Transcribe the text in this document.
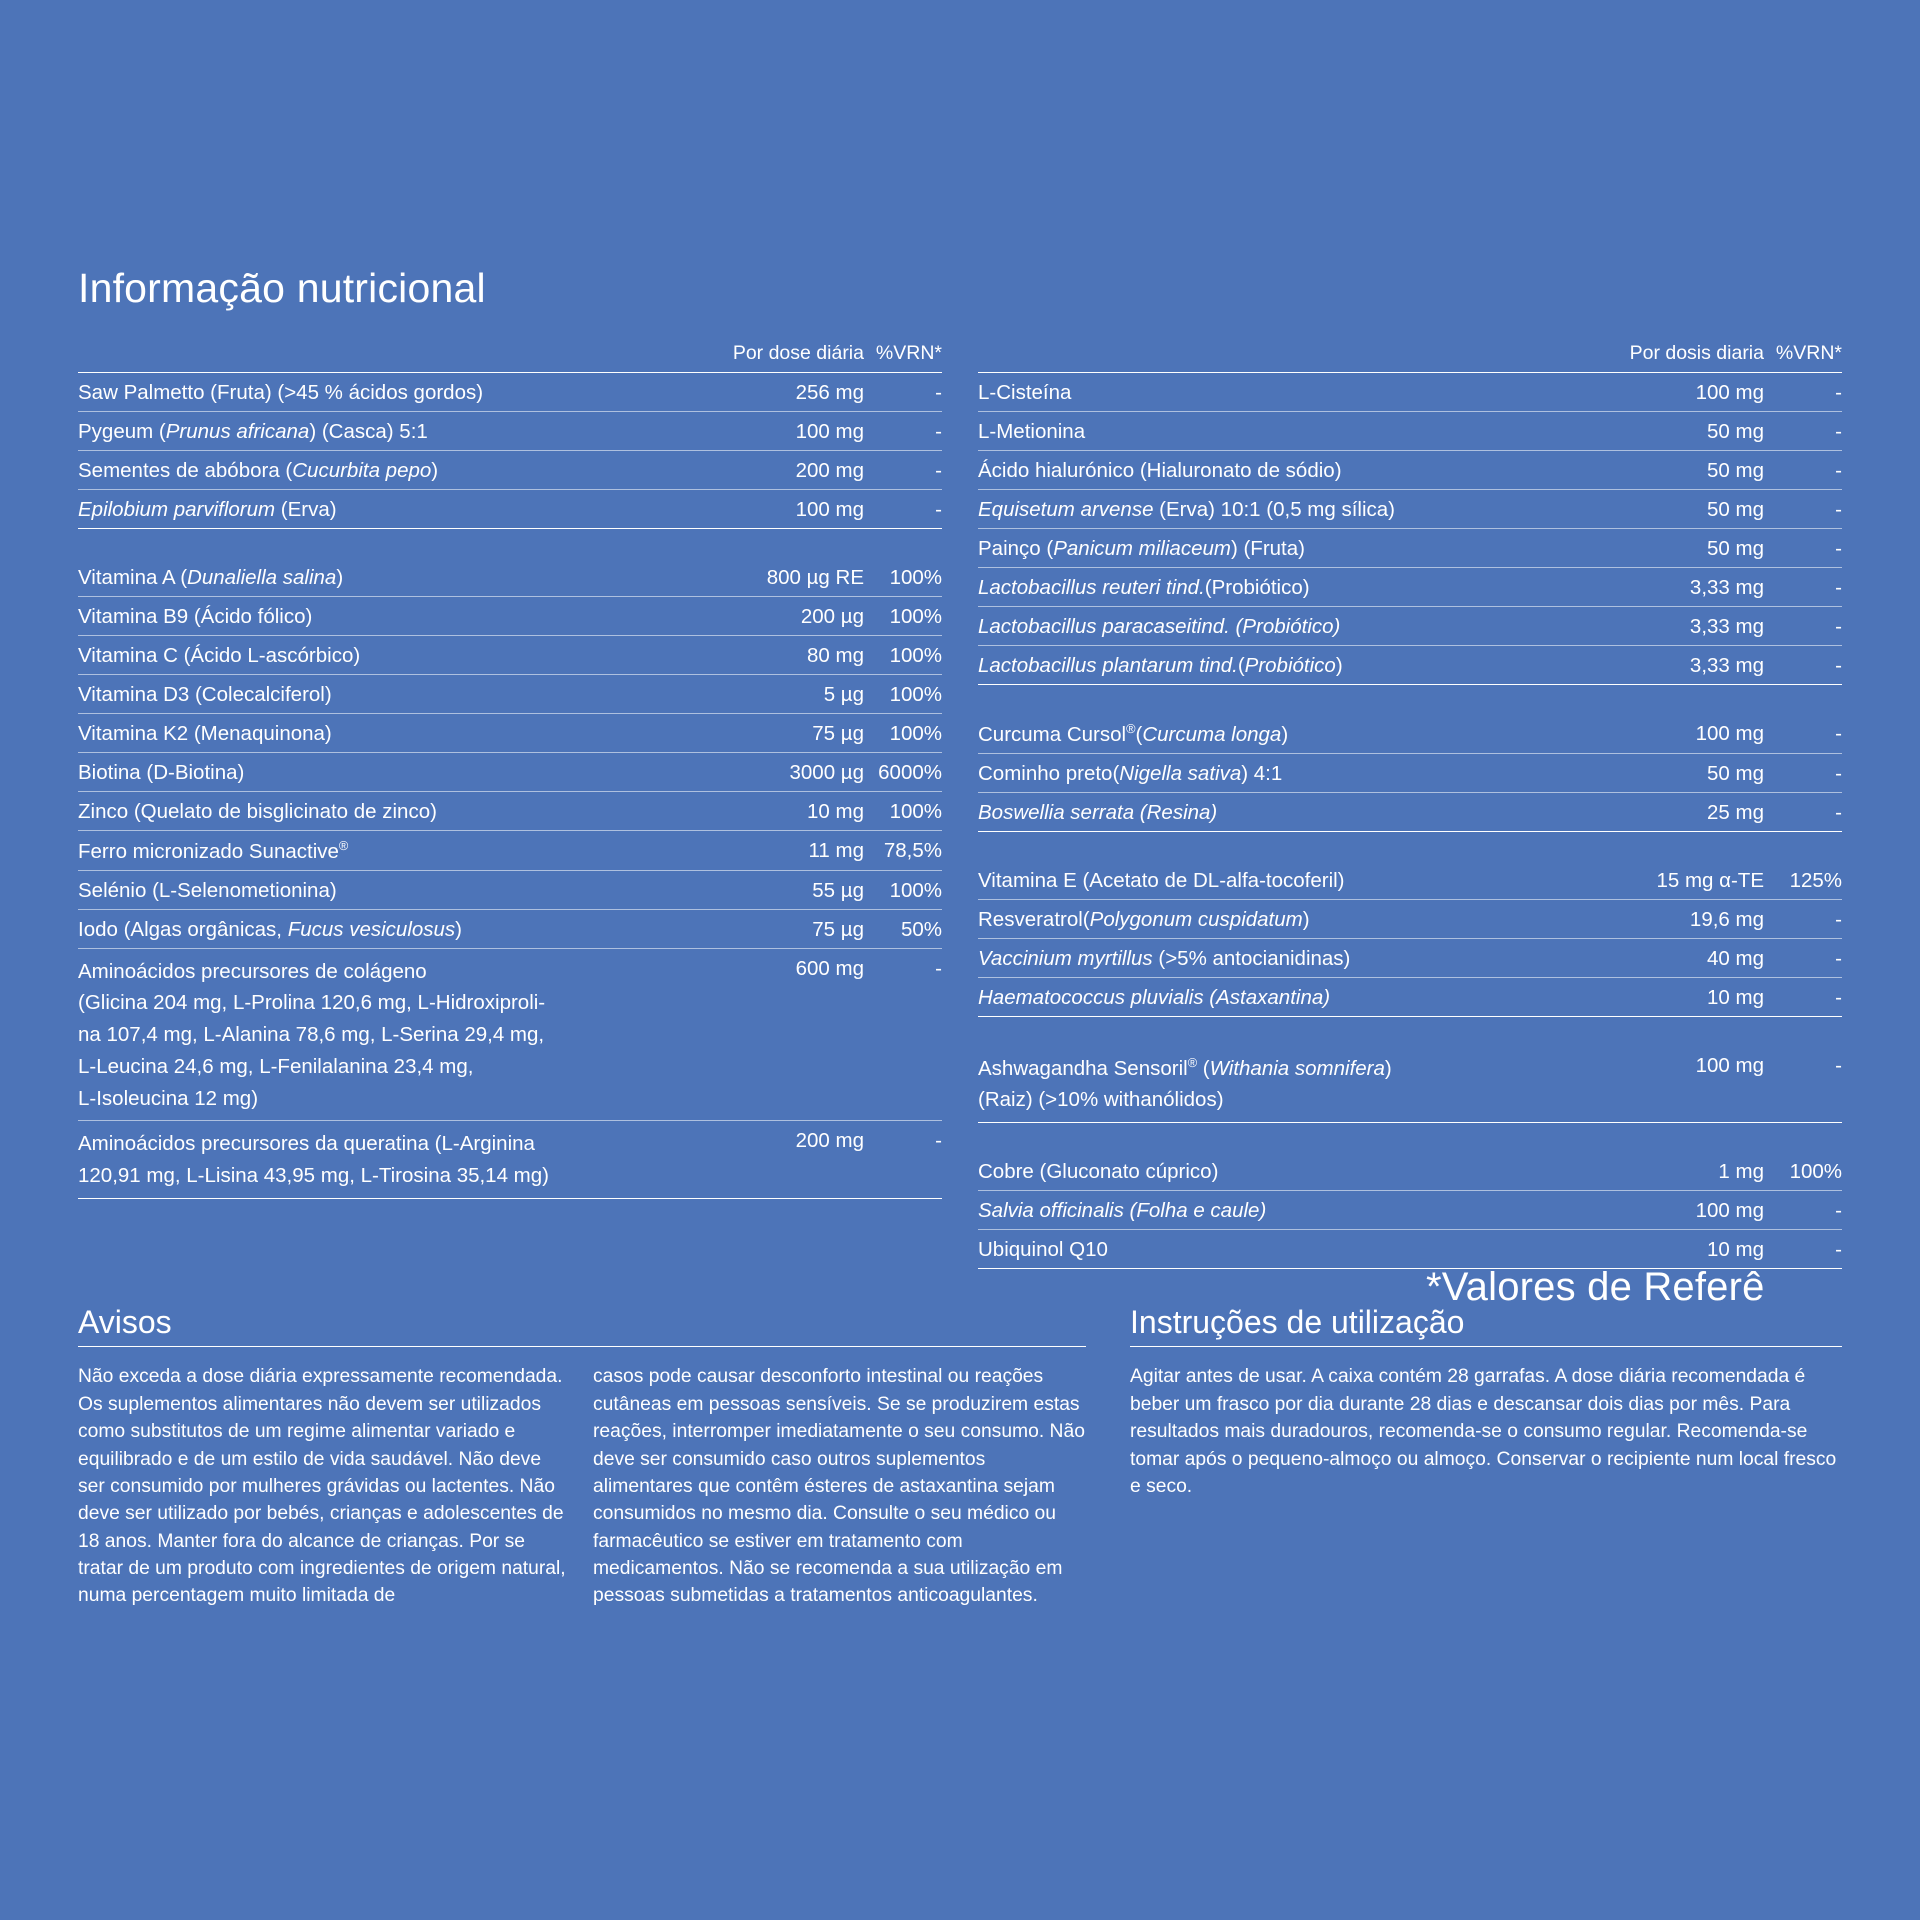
Informação nutricional
	Por dose diária	%VRN*
Saw Palmetto (Fruta) (>45 % ácidos gordos)	256 mg	-
Pygeum (Prunus africana) (Casca) 5:1	100 mg	-
Sementes de abóbora (Cucurbita pepo)	200 mg	-
Epilobium parviflorum (Erva)	100 mg	-

Vitamina A (Dunaliella salina)	800 µg RE	100%
Vitamina B9 (Ácido fólico)	200 µg	100%
Vitamina C (Ácido L-ascórbico)	80 mg	100%
Vitamina D3 (Colecalciferol)	5 µg	100%
Vitamina K2 (Menaquinona)	75 µg	100%
Biotina (D-Biotina)	3000 µg	6000%
Zinco (Quelato de bisglicinato de zinco)	10 mg	100%
Ferro micronizado Sunactive®	11 mg	78,5%
Selénio (L-Selenometionina)	55 µg	100%
Iodo (Algas orgânicas, Fucus vesiculosus)	75 µg	50%
Aminoácidos precursores de colágeno
(Glicina 204 mg, L-Prolina 120,6 mg, L-Hidroxiproli-
na 107,4 mg, L-Alanina 78,6 mg, L-Serina 29,4 mg,
L-Leucina 24,6 mg, L-Fenilalanina 23,4 mg,
L-Isoleucina 12 mg)	600 mg	-
Aminoácidos precursores da queratina (L-Arginina
120,91 mg, L-Lisina 43,95 mg, L-Tirosina 35,14 mg)	200 mg	-
	Por dosis diaria	%VRN*
L-Cisteína	100 mg	-
L-Metionina	50 mg	-
Ácido hialurónico (Hialuronato de sódio)	50 mg	-
Equisetum arvense (Erva) 10:1 (0,5 mg sílica)	50 mg	-
Painço (Panicum miliaceum) (Fruta)	50 mg	-
Lactobacillus reuteri tind.(Probiótico)	3,33 mg	-
Lactobacillus paracaseitind. (Probiótico)	3,33 mg	-
Lactobacillus plantarum tind.(Probiótico)	3,33 mg	-

Curcuma Cursol®(Curcuma longa)	100 mg	-
Cominho preto(Nigella sativa) 4:1	50 mg	-
Boswellia serrata (Resina)	25 mg	-

Vitamina E (Acetato de DL-alfa-tocoferil)	15 mg α-TE	125%
Resveratrol(Polygonum cuspidatum)	19,6 mg	-
Vaccinium myrtillus (>5% antocianidinas)	40 mg	-
Haematococcus pluvialis (Astaxantina)	10 mg	-

Ashwagandha Sensoril® (Withania somnifera)
(Raiz) (>10% withanólidos)	100 mg	-

Cobre (Gluconato cúprico)	1 mg	100%
Salvia officinalis (Folha e caule)	100 mg	-
Ubiquinol Q10	10 mg	-
*Valores de Referê
Avisos

Não exceda a dose diária expressamente recomendada. Os suplementos alimentares não devem ser utilizados como substitutos de um regime alimentar variado e equilibrado e de um estilo de vida saudável. Não deve ser consumido por mulheres grávidas ou lactentes. Não deve ser utilizado por bebés, crianças e adolescentes de 18 anos. Manter fora do alcance de crianças. Por se tratar de um produto com ingredientes de origem natural, numa percentagem muito limitada de

casos pode causar desconforto intestinal ou reações cutâneas em pessoas sensíveis. Se se produzirem estas reações, interromper imediatamente o seu consumo. Não deve ser consumido caso outros suplementos alimentares que contêm ésteres de astaxantina sejam consumidos no mesmo dia. Consulte o seu médico ou farmacêutico se estiver em tratamento com medicamentos. Não se recomenda a sua utilização em pessoas submetidas a tratamentos anticoagulantes.

Instruções de utilização

Agitar antes de usar. A caixa contém 28 garrafas. A dose diária recomendada é beber um frasco por dia durante 28 dias e descansar dois dias por mês. Para resultados mais duradouros, recomenda-se o consumo regular. Recomenda-se tomar após o pequeno-almoço ou almoço. Conservar o recipiente num local fresco e seco.
